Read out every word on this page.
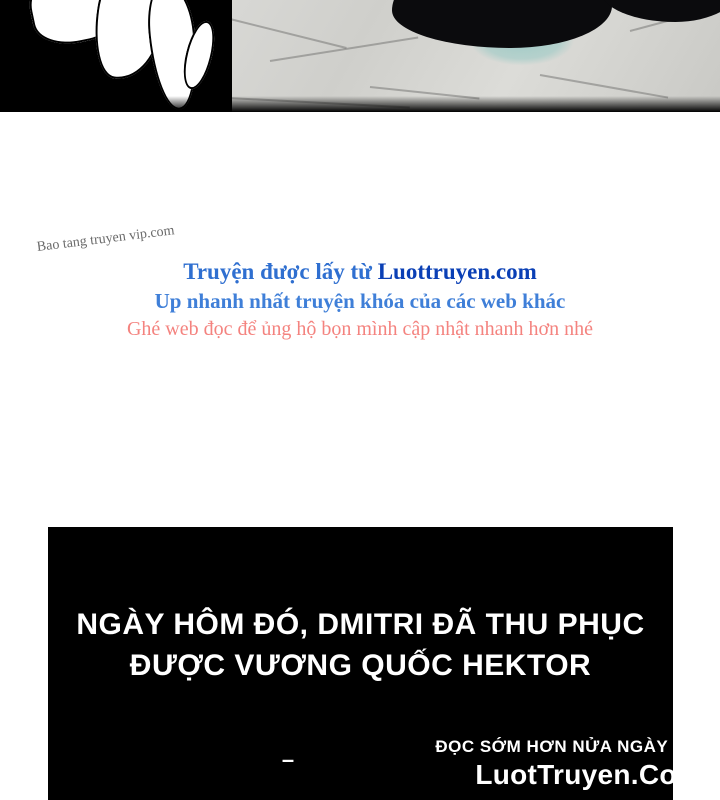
Bao tang truyen vip.com
Truyện được lấy từ Luottruyen.com
Up nhanh nhất truyện khóa của các web khác
Ghé web đọc để ủng hộ bọn mình cập nhật nhanh hơn nhé
NGÀY HÔM ĐÓ, DMITRI ĐÃ THU PHỤC ĐƯỢC VƯƠNG QUỐC HEKTOR
–
ĐỌC SỚM HƠN NỬA NGÀY TẠI
LuotTruyen.Com
